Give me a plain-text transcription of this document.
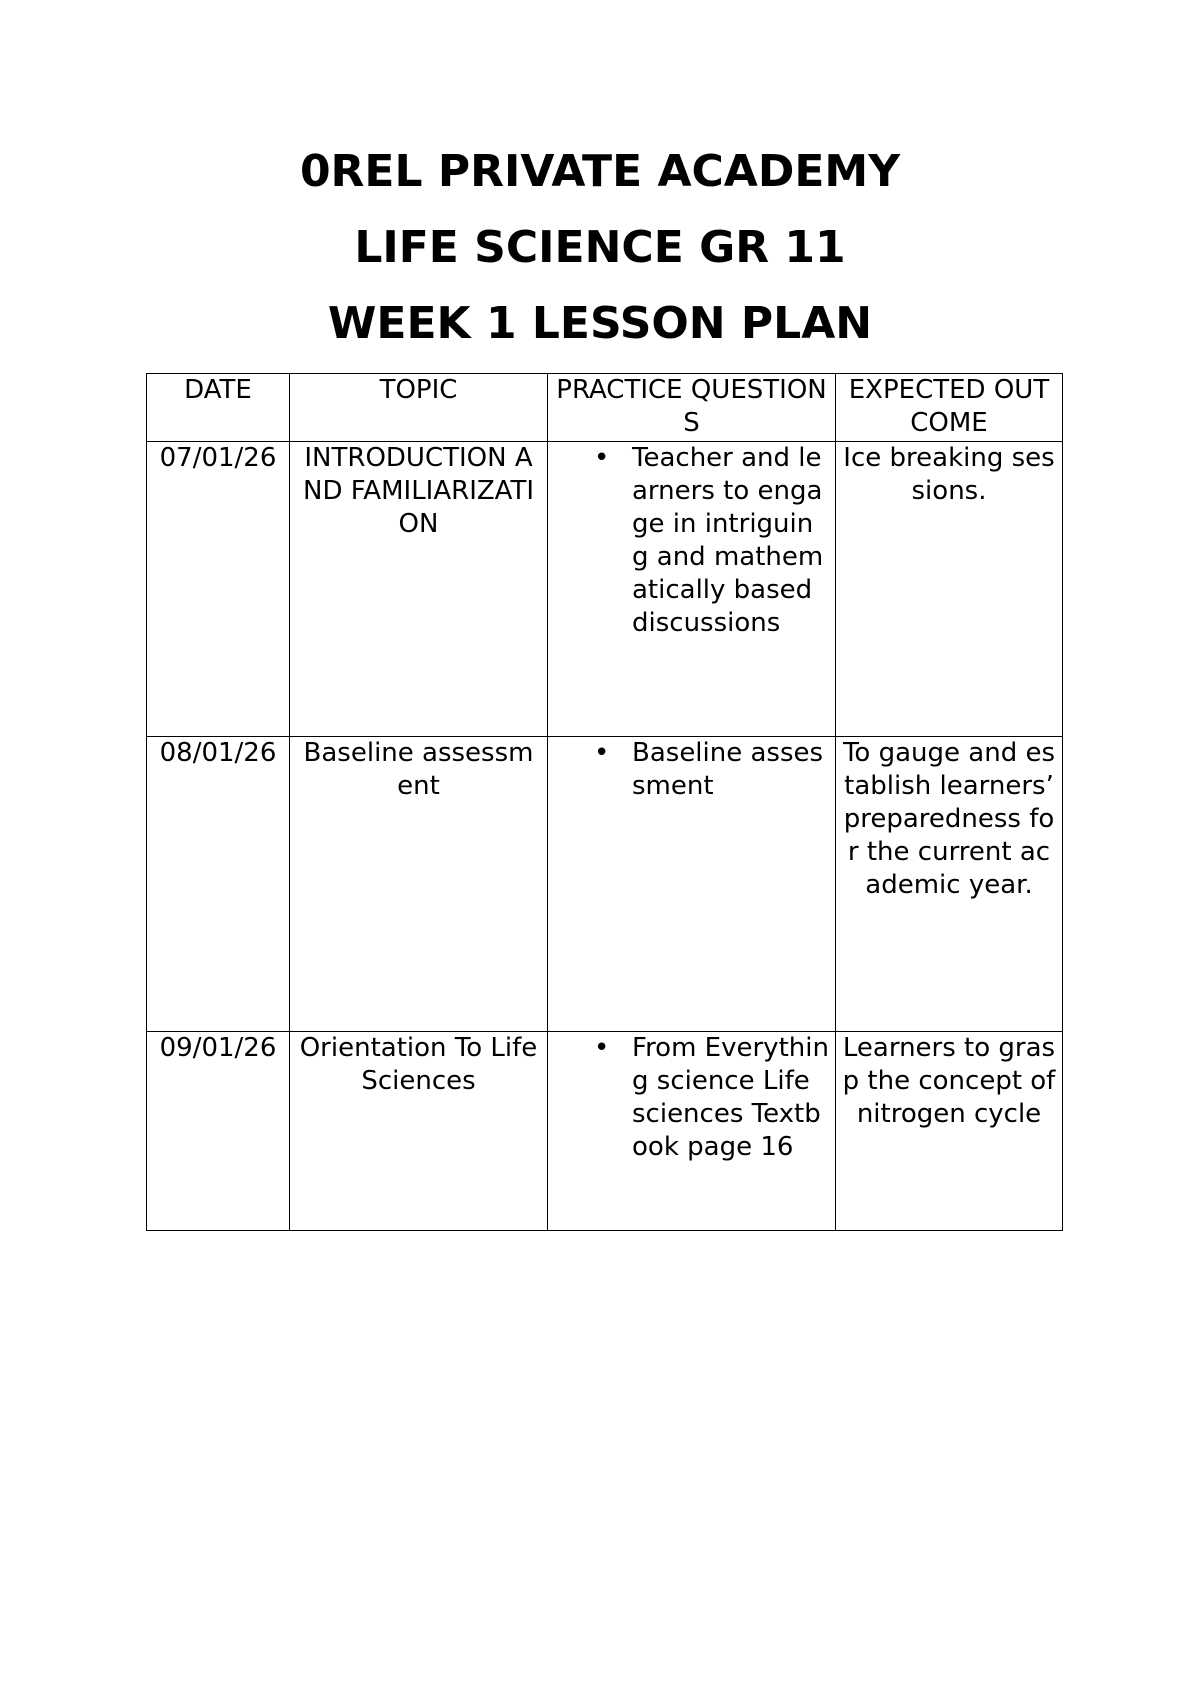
0REL PRIVATE ACADEMY
LIFE SCIENCE GR 11
WEEK 1 LESSON PLAN
DATE	TOPIC	PRACTICE QUESTIONS	EXPECTED OUTCOME
07/01/26	INTRODUCTION AND FAMILIARIZATION	• Teacher and learners to engage in intriguing and mathematically based discussions	Ice breaking sessions.
08/01/26	Baseline assessment	• Baseline assessment	To gauge and establish learners’ preparedness for the current academic year.
09/01/26	Orientation To Life Sciences	• From Everything science Life sciences Textbook page 16	Learners to grasp the concept of nitrogen cycle
